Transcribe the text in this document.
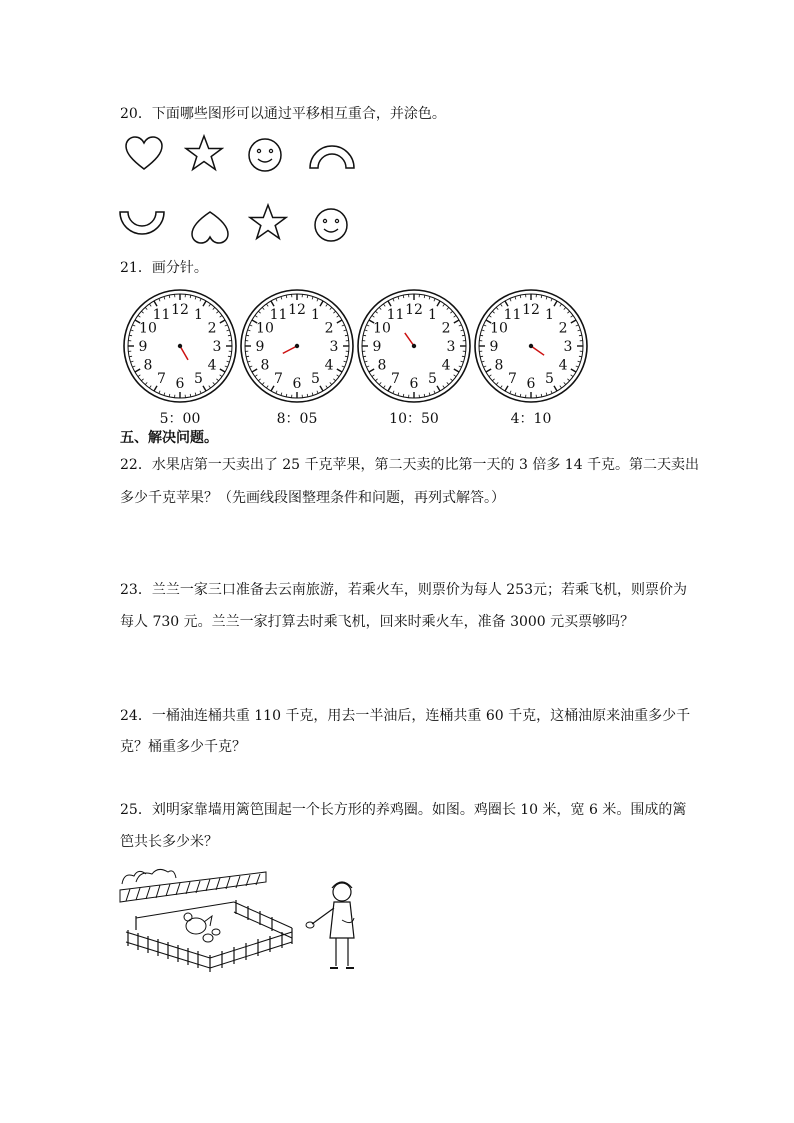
20．下面哪些图形可以通过平移相互重合，并涂色。
21．画分针。
12 1
2
3
4
5
6
7
8
9
10
11
5：00
12 1
2
3
4
5
6
7
8
9
10
11
8：05
12 1
2
3
4
5
6
7
8
9
10
11
10：50
12 1
2
3
4
5
6
7
8
9
10
11
4：10
五、解决问题。
22．水果店第一天卖出了 25 千克苹果，第二天卖的比第一天的 3 倍多 14 千克。第二天卖出
多少千克苹果？（先画线段图整理条件和问题，再列式解答。）
23．兰兰一家三口准备去云南旅游，若乘火车，则票价为每人 253元；若乘飞机，则票价为
每人 730 元。兰兰一家打算去时乘飞机，回来时乘火车，准备 3000 元买票够吗？
24．一桶油连桶共重 110 千克，用去一半油后，连桶共重 60 千克，这桶油原来油重多少千
克？桶重多少千克？
25．刘明家靠墙用篱笆围起一个长方形的养鸡圈。如图。鸡圈长 10 米，宽 6 米。围成的篱
笆共长多少米？
